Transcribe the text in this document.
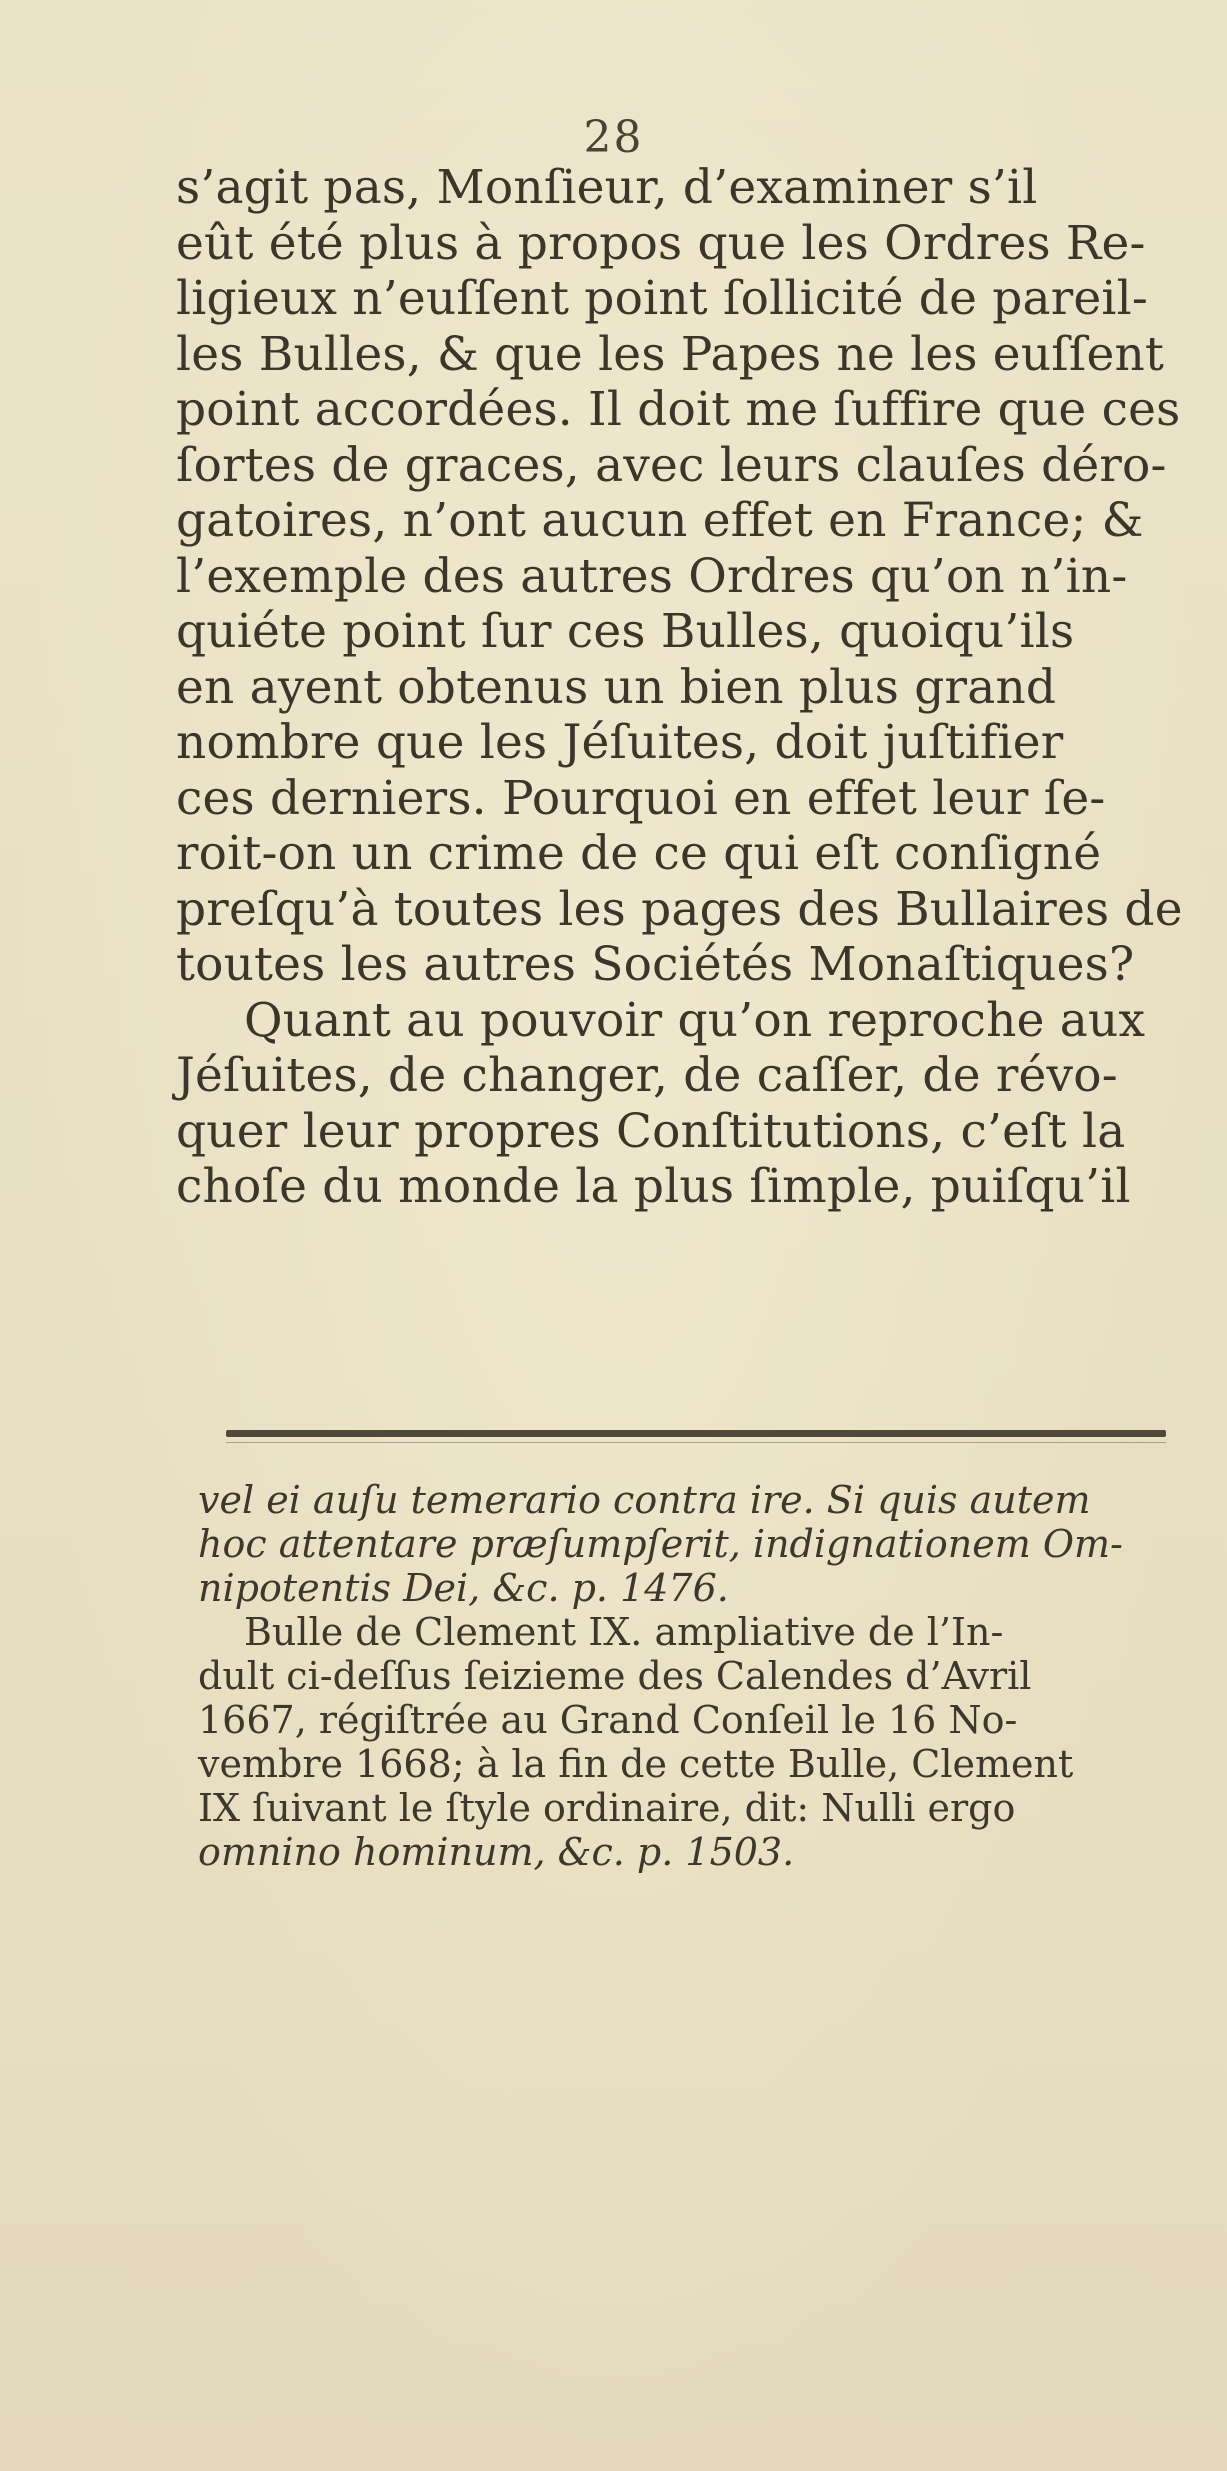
28
s’agit pas, Monſieur, d’examiner s’il
eût été plus à propos que les Ordres Re-
ligieux n’euſſent point ſollicité de pareil-
les Bulles, & que les Papes ne les euſſent
point accordées. Il doit me ſuffire que ces
ſortes de graces, avec leurs clauſes déro-
gatoires, n’ont aucun effet en France; &
l’exemple des autres Ordres qu’on n’in-
quiéte point ſur ces Bulles, quoiqu’ils
en ayent obtenus un bien plus grand
nombre que les Jéſuites, doit juſtifier
ces derniers. Pourquoi en effet leur ſe-
roit-on un crime de ce qui eſt conſigné
preſqu’à toutes les pages des Bullaires de
toutes les autres Sociétés Monaſtiques?
Quant au pouvoir qu’on reproche aux
Jéſuites, de changer, de caſſer, de révo-
quer leur propres Conſtitutions, c’eſt la
choſe du monde la plus ſimple, puiſqu’il
vel ei auſu temerario contra ire. Si quis autem
hoc attentare præſumpſerit, indignationem Om-
nipotentis Dei, &c. p. 1476.
Bulle de Clement IX. ampliative de l’In-
dult ci-deſſus ſeizieme des Calendes d’Avril
1667, régiſtrée au Grand Conſeil le 16 No-
vembre 1668; à la fin de cette Bulle, Clement
IX ſuivant le ſtyle ordinaire, dit: Nulli ergo
omnino hominum, &c. p. 1503.
